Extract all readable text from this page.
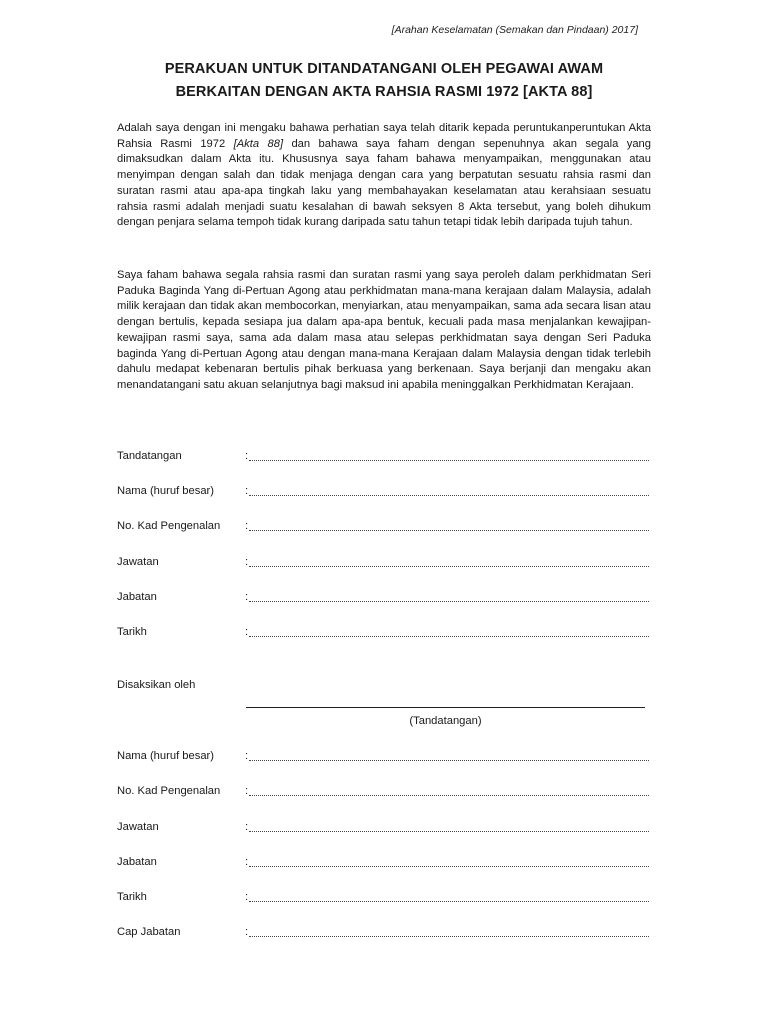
[Arahan Keselamatan (Semakan dan Pindaan) 2017]
PERAKUAN UNTUK DITANDATANGANI OLEH PEGAWAI AWAM
BERKAITAN DENGAN AKTA RAHSIA RASMI 1972 [AKTA 88]
Adalah saya dengan ini mengaku bahawa perhatian saya telah ditarik kepada peruntukanperuntukan Akta Rahsia Rasmi 1972 [Akta 88] dan bahawa saya faham dengan sepenuhnya akan segala yang dimaksudkan dalam Akta itu. Khususnya saya faham bahawa menyampaikan, menggunakan atau menyimpan dengan salah dan tidak menjaga dengan cara yang berpatutan sesuatu rahsia rasmi dan suratan rasmi atau apa-apa tingkah laku yang membahayakan keselamatan atau kerahsiaan sesuatu rahsia rasmi adalah menjadi suatu kesalahan di bawah seksyen 8 Akta tersebut, yang boleh dihukum dengan penjara selama tempoh tidak kurang daripada satu tahun tetapi tidak lebih daripada tujuh tahun.
Saya faham bahawa segala rahsia rasmi dan suratan rasmi yang saya peroleh dalam perkhidmatan Seri Paduka Baginda Yang di-Pertuan Agong atau perkhidmatan mana-mana kerajaan dalam Malaysia, adalah milik kerajaan dan tidak akan membocorkan, menyiarkan, atau menyampaikan, sama ada secara lisan atau dengan bertulis, kepada sesiapa jua dalam apa-apa bentuk, kecuali pada masa menjalankan kewajipan-kewajipan rasmi saya, sama ada dalam masa atau selepas perkhidmatan saya dengan Seri Paduka baginda Yang di-Pertuan Agong atau dengan mana-mana Kerajaan dalam Malaysia dengan tidak terlebih dahulu medapat kebenaran bertulis pihak berkuasa yang berkenaan. Saya berjanji dan mengaku akan menandatangani satu akuan selanjutnya bagi maksud ini apabila meninggalkan Perkhidmatan Kerajaan.
Tandatangan	:
Nama (huruf besar)	:
No. Kad Pengenalan :
Jawatan	:
Jabatan	:
Tarikh	:
Disaksikan oleh
(Tandatangan)
Nama (huruf besar)	:
No. Kad Pengenalan :
Jawatan	:
Jabatan	:
Tarikh	:
Cap Jabatan	:
